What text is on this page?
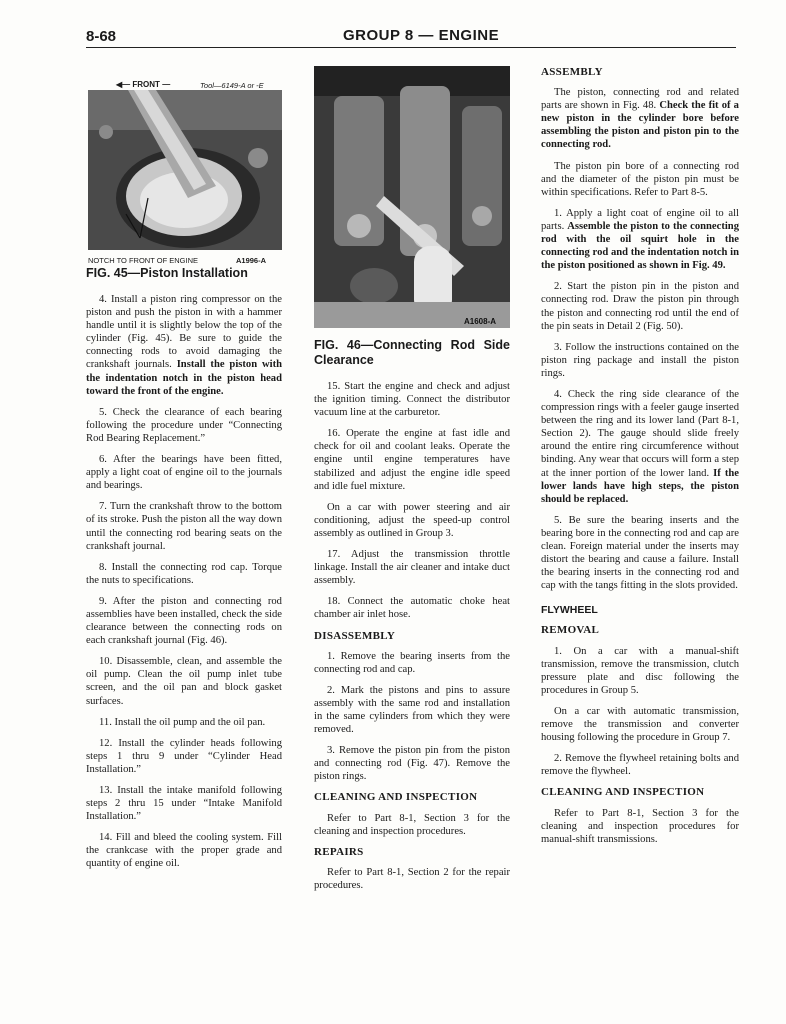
8-68	GROUP 8 — ENGINE
◀— FRONT —	Tool—6149-A or -E
NOTCH TO FRONT OF ENGINE	A1996-A
FIG. 45—Piston Installation

4. Install a piston ring compressor on the piston and push the piston in with a hammer handle until it is slightly below the top of the cylinder (Fig. 45). Be sure to guide the connecting rods to avoid damaging the crankshaft journals. Install the piston with the indentation notch in the piston head toward the front of the engine.

5. Check the clearance of each bearing following the procedure under “Connecting Rod Bearing Replacement.”

6. After the bearings have been fitted, apply a light coat of engine oil to the journals and bearings.

7. Turn the crankshaft throw to the bottom of its stroke. Push the piston all the way down until the connecting rod bearing seats on the crankshaft journal.

8. Install the connecting rod cap. Torque the nuts to specifications.

9. After the piston and connecting rod assemblies have been installed, check the side clearance between the connecting rods on each crankshaft journal (Fig. 46).

10. Disassemble, clean, and assemble the oil pump. Clean the oil pump inlet tube screen, and the oil pan and block gasket surfaces.

11. Install the oil pump and the oil pan.

12. Install the cylinder heads following steps 1 thru 9 under “Cylinder Head Installation.”

13. Install the intake manifold following steps 2 thru 15 under “Intake Manifold Installation.”

14. Fill and bleed the cooling system. Fill the crankcase with the proper grade and quantity of engine oil.

A1608-A
FIG. 46—Connecting Rod Side Clearance

15. Start the engine and check and adjust the ignition timing. Connect the distributor vacuum line at the carburetor.

16. Operate the engine at fast idle and check for oil and coolant leaks. Operate the engine until engine temperatures have stabilized and adjust the engine idle speed and idle fuel mixture.

On a car with power steering and air conditioning, adjust the speed-up control assembly as outlined in Group 3.

17. Adjust the transmission throttle linkage. Install the air cleaner and intake duct assembly.

18. Connect the automatic choke heat chamber air inlet hose.

DISASSEMBLY

1. Remove the bearing inserts from the connecting rod and cap.

2. Mark the pistons and pins to assure assembly with the same rod and installation in the same cylinders from which they were removed.

3. Remove the piston pin from the piston and connecting rod (Fig. 47). Remove the piston rings.

CLEANING AND INSPECTION

Refer to Part 8-1, Section 3 for the cleaning and inspection procedures.

REPAIRS

Refer to Part 8-1, Section 2 for the repair procedures.

ASSEMBLY

The piston, connecting rod and related parts are shown in Fig. 48. Check the fit of a new piston in the cylinder bore before assembling the piston and piston pin to the connecting rod.

The piston pin bore of a connecting rod and the diameter of the piston pin must be within specifications. Refer to Part 8-5.

1. Apply a light coat of engine oil to all parts. Assemble the piston to the connecting rod with the oil squirt hole in the connecting rod and the indentation notch in the piston positioned as shown in Fig. 49.

2. Start the piston pin in the piston and connecting rod. Draw the piston pin through the piston and connecting rod until the end of the pin seats in Detail 2 (Fig. 50).

3. Follow the instructions contained on the piston ring package and install the piston rings.

4. Check the ring side clearance of the compression rings with a feeler gauge inserted between the ring and its lower land (Part 8-1, Section 2). The gauge should slide freely around the entire ring circumference without binding. Any wear that occurs will form a step at the inner portion of the lower land. If the lower lands have high steps, the piston should be replaced.

5. Be sure the bearing inserts and the bearing bore in the connecting rod and cap are clean. Foreign material under the inserts may distort the bearing and cause a failure. Install the bearing inserts in the connecting rod and cap with the tangs fitting in the slots provided.

FLYWHEEL
REMOVAL

1. On a car with a manual-shift transmission, remove the transmission, clutch pressure plate and disc following the procedures in Group 5.

On a car with automatic transmission, remove the transmission and converter housing following the procedure in Group 7.

2. Remove the flywheel retaining bolts and remove the flywheel.

CLEANING AND INSPECTION

Refer to Part 8-1, Section 3 for the cleaning and inspection procedures for manual-shift transmissions.
